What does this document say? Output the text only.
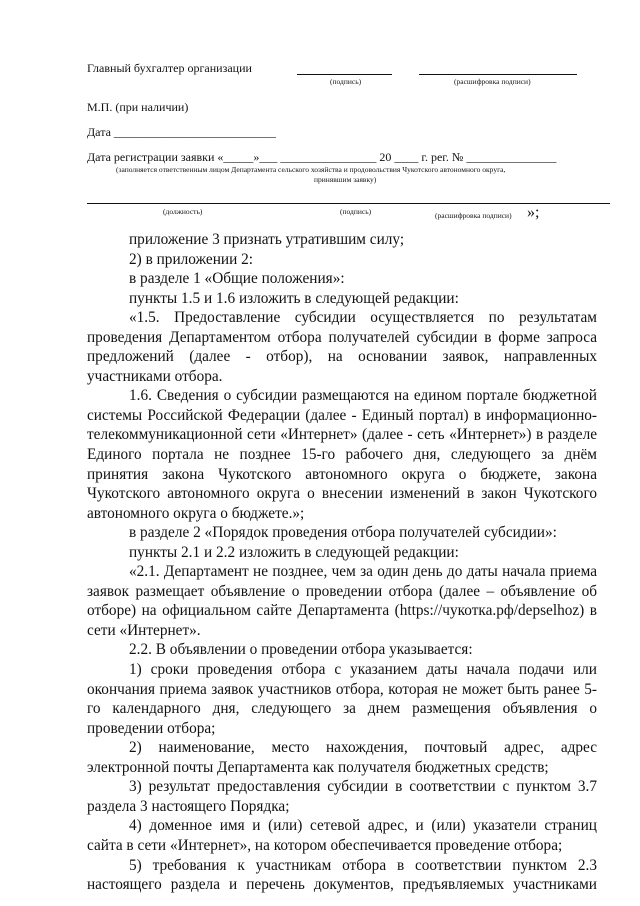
Главный бухгалтер организации
(подпись)	(расшифровка подписи)
М.П. (при наличии)
Дата ___________________________
Дата регистрации заявки «_____»___ ________________ 20 ____ г. рег. № _______________
(заполняется ответственным лицом Департамента сельского хозяйства и продовольствия Чукотского автономного округа,
принявшим заявку)
(должность)	(подпись)	(расшифровка подписи) »;

приложение 3 признать утратившим силу;

2) в приложении 2:

в разделе 1 «Общие положения»:

пункты 1.5 и 1.6 изложить в следующей редакции:

«1.5. Предоставление субсидии осуществляется по результатам проведения Департаментом отбора получателей субсидии в форме запроса предложений (далее - отбор), на основании заявок, направленных участниками отбора.

1.6. Сведения о субсидии размещаются на едином портале бюджетной системы Российской Федерации (далее - Единый портал) в информационно-телекоммуникационной сети «Интернет» (далее - сеть «Интернет») в разделе Единого портала не позднее 15-го рабочего дня, следующего за днём принятия закона Чукотского автономного округа о бюджете, закона Чукотского автономного округа о внесении изменений в закон Чукотского автономного округа о бюджете.»;

в разделе 2 «Порядок проведения отбора получателей субсидии»:

пункты 2.1 и 2.2 изложить в следующей редакции:

«2.1. Департамент не позднее, чем за один день до даты начала приема заявок размещает объявление о проведении отбора (далее – объявление об отборе) на официальном сайте Департамента (https://чукотка.рф/depselhoz) в сети «Интернет».

2.2. В объявлении о проведении отбора указывается:

1) сроки проведения отбора с указанием даты начала подачи или окончания приема заявок участников отбора, которая не может быть ранее 5-го календарного дня, следующего за днем размещения объявления о проведении отбора;

2) наименование, место нахождения, почтовый адрес, адрес электронной почты Департамента как получателя бюджетных средств;

3) результат предоставления субсидии в соответствии с пунктом 3.7 раздела 3 настоящего Порядка;

4) доменное имя и (или) сетевой адрес, и (или) указатели страниц сайта в сети «Интернет», на котором обеспечивается проведение отбора;

5) требования к участникам отбора в соответствии пунктом 2.3 настоящего раздела и перечень документов, предъявляемых участниками
